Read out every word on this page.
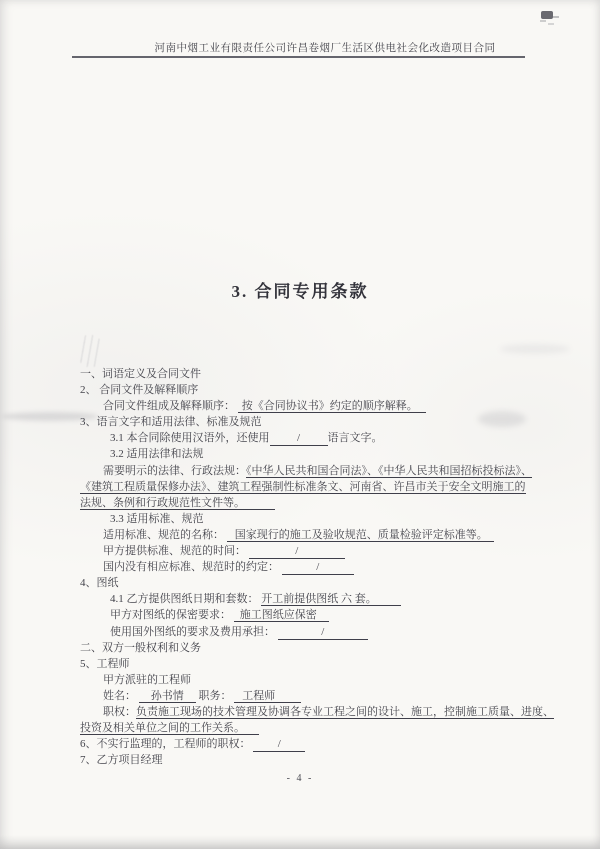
河南中烟工业有限责任公司许昌卷烟厂生活区供电社会化改造项目合同
3. 合同专用条款
一、词语定义及合同文件
2、 合同文件及解释顺序
合同文件组成及解释顺序： 按《合同协议书》约定的顺序解释。
3、语言文字和适用法律、标准及规范
3.1 本合同除使用汉语外，还使用 / 语言文字。
3.2 适用法律和法规
需要明示的法律、行政法规：《中华人民共和国合同法》、《中华人民共和国招标投标法》、
《建筑工程质量保修办法》、建筑工程强制性标准条文、河南省、许昌市关于安全文明施工的
法规、条例和行政规范性文件等。
3.3 适用标准、规范
适用标准、规范的名称： 国家现行的施工及验收规范、质量检验评定标准等。
甲方提供标准、规范的时间：	/
国内没有相应标准、规范时的约定：	/
4、图纸
4.1 乙方提供图纸日期和套数： 开工前提供图纸 六 套。
甲方对图纸的保密要求： 施工图纸应保密
使用国外图纸的要求及费用承担：	/
二、双方一般权利和义务
5、工程师
甲方派驻的工程师
姓名： 孙书情 职务： 工程师
职权：负责施工现场的技术管理及协调各专业工程之间的设计、施工，控制施工质量、进度、
投资及相关单位之间的工作关系。
6、不实行监理的，工程师的职权： /
7、乙方项目经理
- 4 -
